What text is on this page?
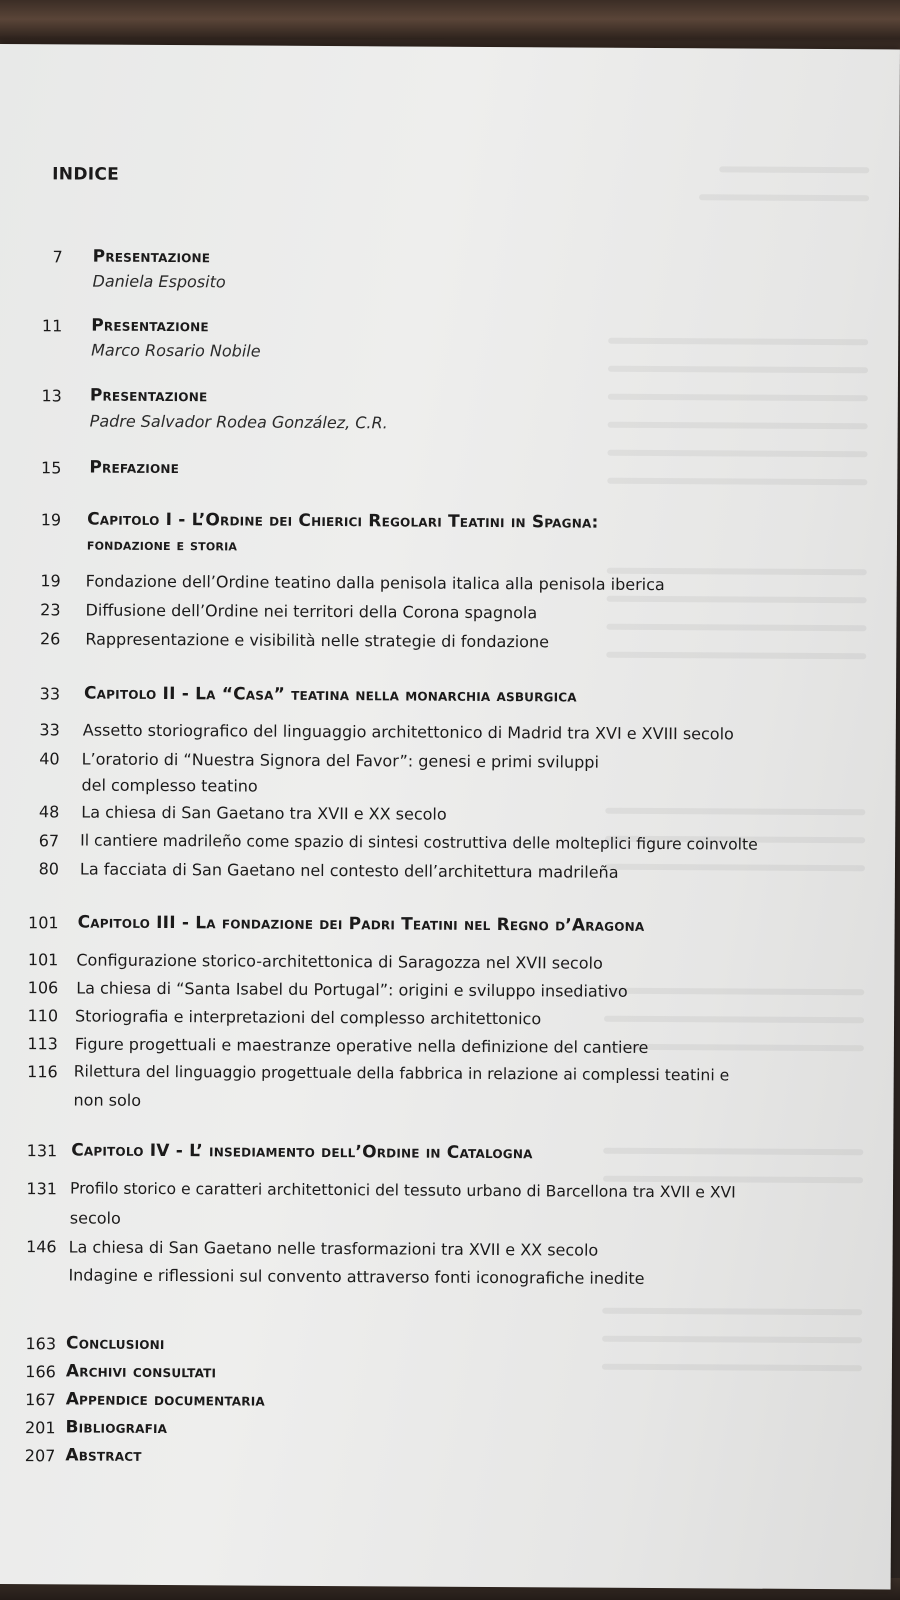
INDICE
7 Presentazione
Daniela Esposito
11 Presentazione
Marco Rosario Nobile
13 Presentazione
Padre Salvador Rodea González, C.R.
15 Prefazione
19 Capitolo I - L’Ordine dei Chierici Regolari Teatini in Spagna:
fondazione e storia
19 Fondazione dell’Ordine teatino dalla penisola italica alla penisola iberica
23 Diffusione dell’Ordine nei territori della Corona spagnola
26 Rappresentazione e visibilità nelle strategie di fondazione
33 Capitolo II - La “Casa” teatina nella monarchia asburgica
33 Assetto storiografico del linguaggio architettonico di Madrid tra XVI e XVIII secolo
40 L’oratorio di “Nuestra Signora del Favor”: genesi e primi sviluppi
del complesso teatino
48 La chiesa di San Gaetano tra XVII e XX secolo
67 Il cantiere madrileño come spazio di sintesi costruttiva delle molteplici figure coinvolte
80 La facciata di San Gaetano nel contesto dell’architettura madrileña
101 Capitolo III - La fondazione dei Padri Teatini nel Regno d’Aragona
101 Configurazione storico-architettonica di Saragozza nel XVII secolo
106 La chiesa di “Santa Isabel du Portugal”: origini e sviluppo insediativo
110 Storiografia e interpretazioni del complesso architettonico
113 Figure progettuali e maestranze operative nella definizione del cantiere
116 Rilettura del linguaggio progettuale della fabbrica in relazione ai complessi teatini e
non solo
131 Capitolo IV - L’ insediamento dell’Ordine in Catalogna
131 Profilo storico e caratteri architettonici del tessuto urbano di Barcellona tra XVII e XVI
secolo
146 La chiesa di San Gaetano nelle trasformazioni tra XVII e XX secolo
Indagine e riflessioni sul convento attraverso fonti iconografiche inedite
163 Conclusioni
166 Archivi consultati
167 Appendice documentaria
201 Bibliografia
207 Abstract
